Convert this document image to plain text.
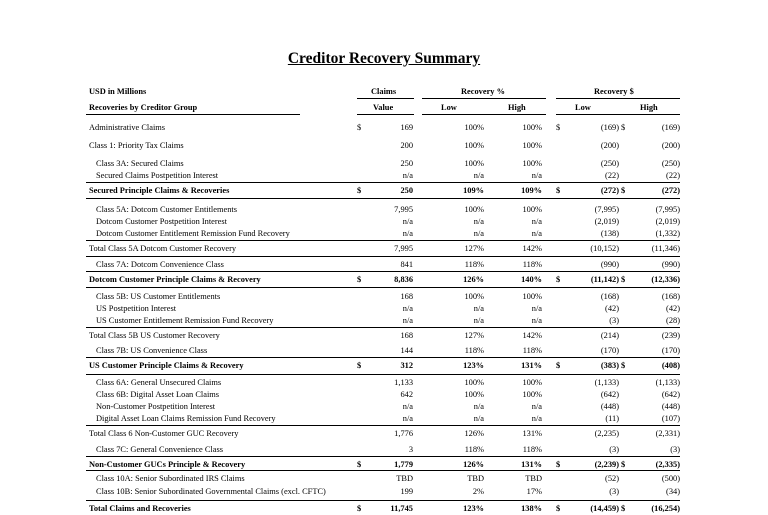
Creditor Recovery Summary
USD in Millions	Claims	Recovery %	Recovery $
Recoveries by Creditor Group	Value	Low	High	Low	High
Administrative Claims	$	169	100%	100% $	(169) $	(169)
Class 1: Priority Tax Claims	200	100%	100%	(200)	(200)
Class 3A: Secured Claims	250	100%	100%	(250)	(250)
Secured Claims Postpetition Interest	n/a	n/a	n/a	(22)	(22)
Secured Principle Claims & Recoveries	$	250	109%	109% $	(272) $	(272)
Class 5A: Dotcom Customer Entitlements	7,995	100%	100%	(7,995)	(7,995)
Dotcom Customer Postpetition Interest	n/a	n/a	n/a	(2,019)	(2,019)
Dotcom Customer Entitlement Remission Fund Recovery	n/a	n/a	n/a	(138)	(1,332)
Total Class 5A Dotcom Customer Recovery	7,995	127%	142%	(10,152)	(11,346)
Class 7A: Dotcom Convenience Class	841	118%	118%	(990)	(990)
Dotcom Customer Principle Claims & Recovery	$	8,836	126%	140% $	(11,142) $	(12,336)
Class 5B: US Customer Entitlements	168	100%	100%	(168)	(168)
US Postpetition Interest	n/a	n/a	n/a	(42)	(42)
US Customer Entitlement Remission Fund Recovery	n/a	n/a	n/a	(3)	(28)
Total Class 5B US Customer Recovery	168	127%	142%	(214)	(239)
Class 7B: US Convenience Class	144	118%	118%	(170)	(170)
US Customer Principle Claims & Recovery	$	312	123%	131% $	(383) $	(408)
Class 6A: General Unsecured Claims	1,133	100%	100%	(1,133)	(1,133)
Class 6B: Digital Asset Loan Claims	642	100%	100%	(642)	(642)
Non-Customer Postpetition Interest	n/a	n/a	n/a	(448)	(448)
Digital Asset Loan Claims Remission Fund Recovery	n/a	n/a	n/a	(11)	(107)
Total Class 6 Non-Customer GUC Recovery	1,776	126%	131%	(2,235)	(2,331)
Class 7C: General Convenience Class	3	118%	118%	(3)	(3)
Non-Customer GUCs Principle & Recovery	$	1,779	126%	131% $	(2,239) $	(2,335)
Class 10A: Senior Subordinated IRS Claims	TBD	TBD	TBD	(52)	(500)
Class 10B: Senior Subordinated Governmental Claims (excl. CFTC)	199	2%	17%	(3)	(34)
Total Claims and Recoveries	$	11,745	123%	138% $	(14,459) $	(16,254)
